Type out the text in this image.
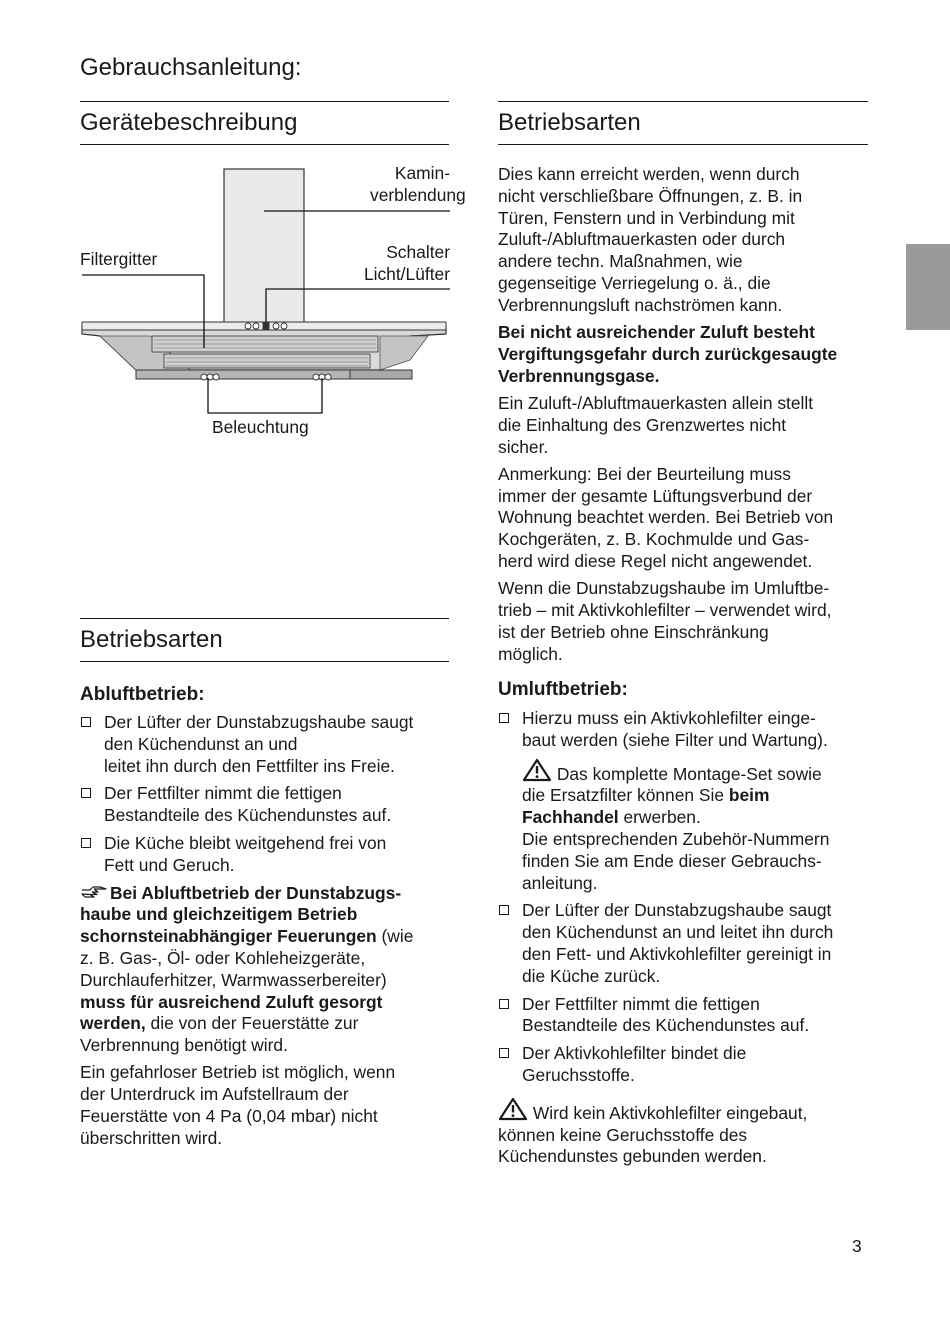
Gebrauchsanleitung:
Gerätebeschreibung
Kamin-
verblendung
Filtergitter	Schalter
Licht/Lüfter
Beleuchtung
Betriebsarten
Abluftbetrieb:
Der Lüfter der Dunstabzugshaube saugt
den Küchendunst an und
leitet ihn durch den Fettfilter ins Freie.
Der Fettfilter nimmt die fettigen
Bestandteile des Küchendunstes auf.
Die Küche bleibt weitgehend frei von
Fett und Geruch.

Bei Abluftbetrieb der Dunstabzugs-
haube und gleichzeitigem Betrieb
schornsteinabhängiger Feuerungen (wie
z. B. Gas-, Öl- oder Kohleheizgeräte,
Durchlauferhitzer, Warmwasserbereiter)
muss für ausreichend Zuluft gesorgt
werden, die von der Feuerstätte zur
Verbrennung benötigt wird.

Ein gefahrloser Betrieb ist möglich, wenn
der Unterdruck im Aufstellraum der
Feuerstätte von 4 Pa (0,04 mbar) nicht
überschritten wird.

Betriebsarten

Dies kann erreicht werden, wenn durch
nicht verschließbare Öffnungen, z. B. in
Türen, Fenstern und in Verbindung mit
Zuluft-/Abluftmauerkasten oder durch
andere techn. Maßnahmen, wie
gegenseitige Verriegelung o. ä., die
Verbrennungsluft nachströmen kann.

Bei nicht ausreichender Zuluft besteht
Vergiftungsgefahr durch zurückgesaugte
Verbrennungsgase.

Ein Zuluft-/Abluftmauerkasten allein stellt
die Einhaltung des Grenzwertes nicht
sicher.

Anmerkung: Bei der Beurteilung muss
immer der gesamte Lüftungsverbund der
Wohnung beachtet werden. Bei Betrieb von
Kochgeräten, z. B. Kochmulde und Gas-
herd wird diese Regel nicht angewendet.

Wenn die Dunstabzugshaube im Umluftbe-
trieb – mit Aktivkohlefilter – verwendet wird,
ist der Betrieb ohne Einschränkung
möglich.

Umluftbetrieb:
Hierzu muss ein Aktivkohlefilter einge-
baut werden (siehe Filter und Wartung).
Das komplette Montage-Set sowie
die Ersatzfilter können Sie beim
Fachhandel erwerben.
Die entsprechenden Zubehör-Nummern
finden Sie am Ende dieser Gebrauchs-
anleitung.
Der Lüfter der Dunstabzugshaube saugt
den Küchendunst an und leitet ihn durch
den Fett- und Aktivkohlefilter gereinigt in
die Küche zurück.
Der Fettfilter nimmt die fettigen
Bestandteile des Küchendunstes auf.
Der Aktivkohlefilter bindet die
Geruchsstoffe.
Wird kein Aktivkohlefilter eingebaut,
können keine Geruchsstoffe des
Küchendunstes gebunden werden.
3
